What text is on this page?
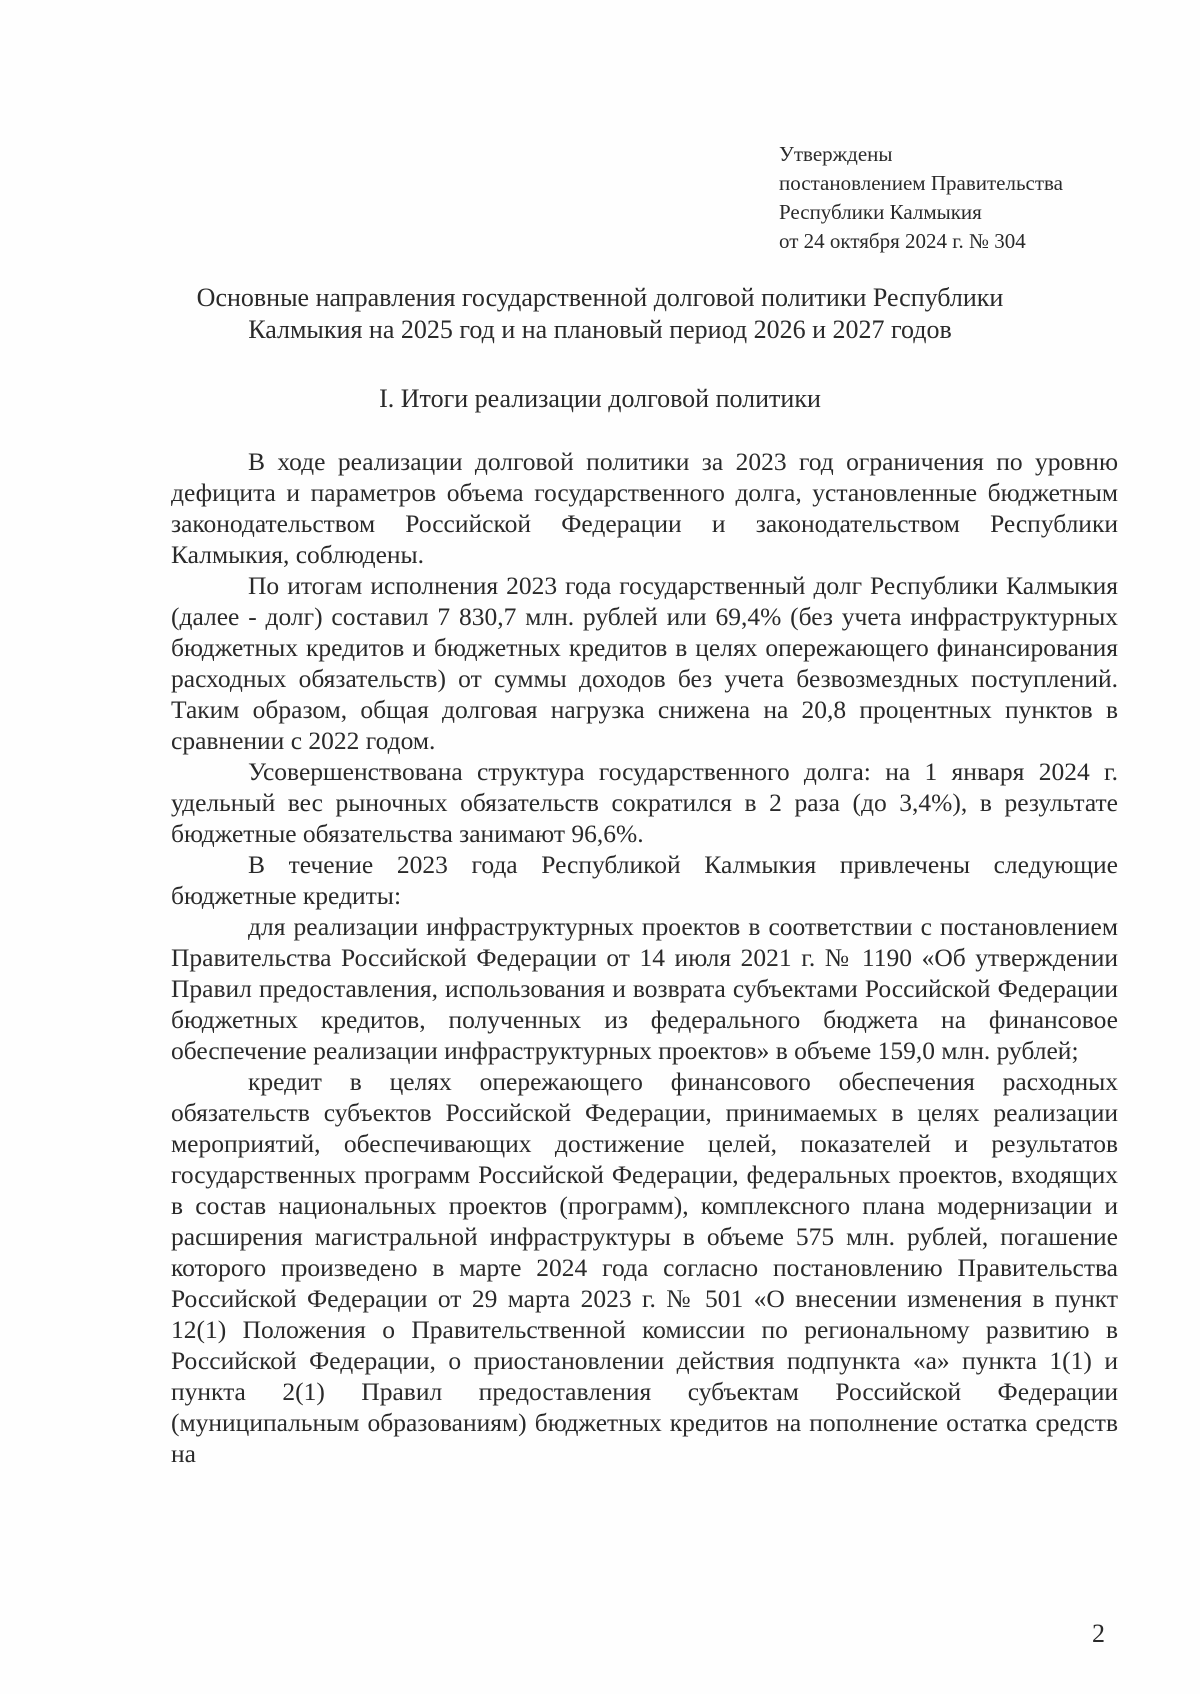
Утверждены
постановлением Правительства
Республики Калмыкия
от 24 октября 2024 г. № 304
Основные направления государственной долговой политики Республики
Калмыкия на 2025 год и на плановый период 2026 и 2027 годов
I. Итоги реализации долговой политики

В ходе реализации долговой политики за 2023 год ограничения по уровню дефицита и параметров объема государственного долга, установленные бюджетным законодательством Российской Федерации и законодательством Республики Калмыкия, соблюдены.

По итогам исполнения 2023 года государственный долг Республики Калмыкия (далее - долг) составил 7 830,7 млн. рублей или 69,4% (без учета инфраструктурных бюджетных кредитов и бюджетных кредитов в целях опережающего финансирования расходных обязательств) от суммы доходов без учета безвозмездных поступлений. Таким образом, общая долговая нагрузка снижена на 20,8 процентных пунктов в сравнении с 2022 годом.

Усовершенствована структура государственного долга: на 1 января 2024 г. удельный вес рыночных обязательств сократился в 2 раза (до 3,4%), в результате бюджетные обязательства занимают 96,6%.

В течение 2023 года Республикой Калмыкия привлечены следующие бюджетные кредиты:

для реализации инфраструктурных проектов в соответствии с постановлением Правительства Российской Федерации от 14 июля 2021 г. № 1190 «Об утверждении Правил предоставления, использования и возврата субъектами Российской Федерации бюджетных кредитов, полученных из федерального бюджета на финансовое обеспечение реализации инфраструктурных проектов» в объеме 159,0 млн. рублей;

кредит в целях опережающего финансового обеспечения расходных обязательств субъектов Российской Федерации, принимаемых в целях реализации мероприятий, обеспечивающих достижение целей, показателей и результатов государственных программ Российской Федерации, федеральных проектов, входящих в состав национальных проектов (программ), комплексного плана модернизации и расширения магистральной инфраструктуры в объеме 575 млн. рублей, погашение которого произведено в марте 2024 года согласно постановлению Правительства Российской Федерации от 29 марта 2023 г. № 501 «О внесении изменения в пункт 12(1) Положения о Правительственной комиссии по региональному развитию в Российской Федерации, о приостановлении действия подпункта «а» пункта 1(1) и пункта 2(1) Правил предоставления субъектам Российской Федерации (муниципальным образованиям) бюджетных кредитов на пополнение остатка средств на

2
